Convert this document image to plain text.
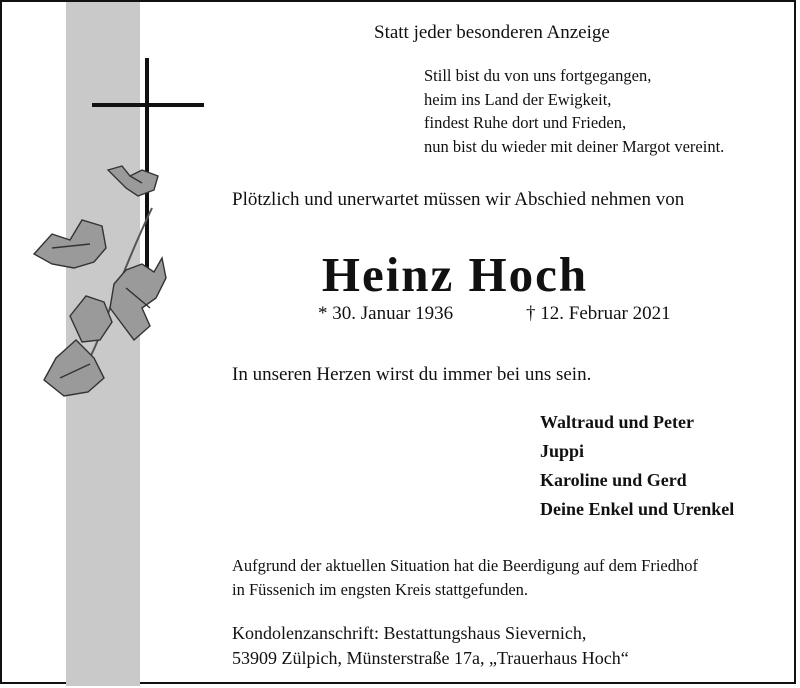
Statt jeder besonderen Anzeige
Still bist du von uns fortgegangen,
heim ins Land der Ewigkeit,
findest Ruhe dort und Frieden,
nun bist du wieder mit deiner Margot vereint.
Plötzlich und unerwartet müssen wir Abschied nehmen von
Heinz Hoch
* 30. Januar 1936	† 12. Februar 2021
In unseren Herzen wirst du immer bei uns sein.
Waltraud und Peter
Juppi
Karoline und Gerd
Deine Enkel und Urenkel
Aufgrund der aktuellen Situation hat die Beerdigung auf dem Friedhof
in Füssenich im engsten Kreis stattgefunden.
Kondolenzanschrift: Bestattungshaus Sievernich,
53909 Zülpich, Münsterstraße 17a, „Trauerhaus Hoch“
